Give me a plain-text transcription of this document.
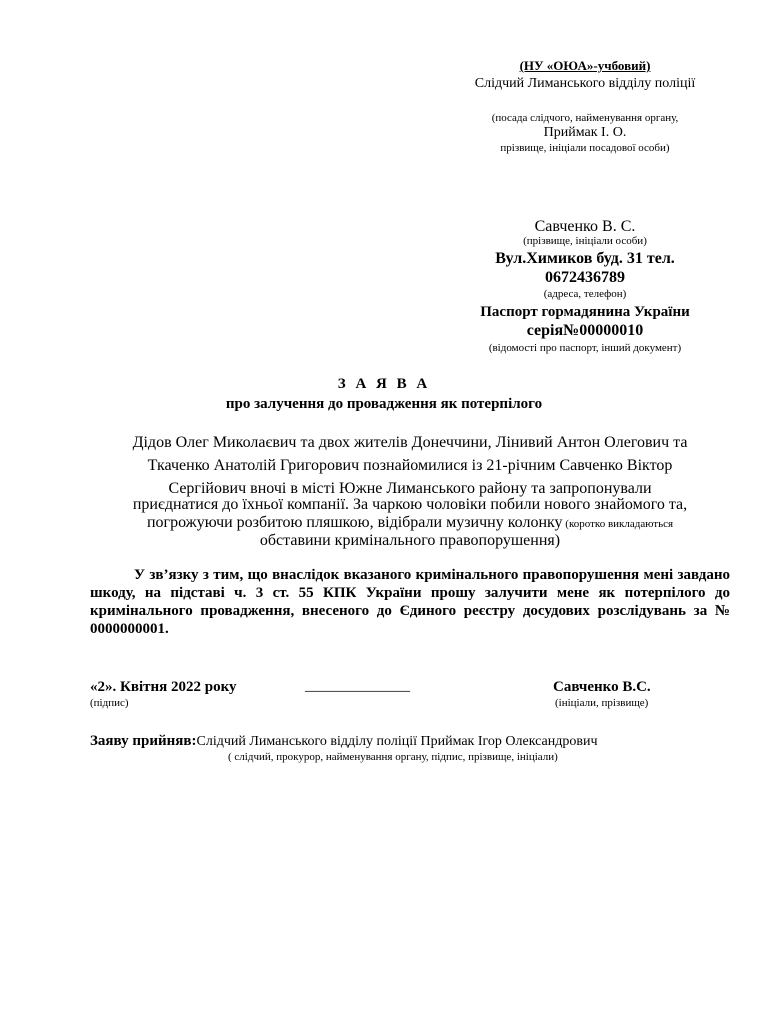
(НУ «ОЮА»-учбовий)
Слідчий Лиманського відділу поліції
(посада слідчого, найменування органу,
Приймак І. О.
прізвище, ініціали посадової особи)
Савченко В. С.
(прізвище, ініціали особи)
Вул.Химиков буд. 31 тел.
0672436789
(адреса, телефон)
Паспорт гормадянина України
серія№00000010
(відомості про паспорт, інший документ)
З А Я В А
про залучення до провадження як потерпілого
Дідов Олег Миколаєвич та двох жителів Донеччини, Лінивий Антон Олегович та
Ткаченко Анатолій Григорович познайомилися із 21-річним Савченко Віктор
Сергійович вночі в місті Южне Лиманського району та запропонували
приєднатися до їхньої компанії. За чаркою чоловіки побили нового знайомого та,
погрожуючи розбитою пляшкою, відібрали музичну колонку (коротко викладаються
обставини кримінального правопорушення)
У зв’язку з тим, що внаслідок вказаного кримінального правопорушення мені завдано шкоду, на підставі ч. 3 ст. 55 КПК України прошу залучити мене як потерпілого до кримінального провадження, внесеного до Єдиного реєстру досудових розслідувань за № 0000000001.
«2». Квітня 2022 року	______________	Савченко В.С.
(підпис)	(ініціали, прізвище)
Заяву прийняв:Слідчий Лиманського відділу поліції Приймак Ігор Олександрович
( слідчий, прокурор, найменування органу, підпис, прізвище, ініціали)
